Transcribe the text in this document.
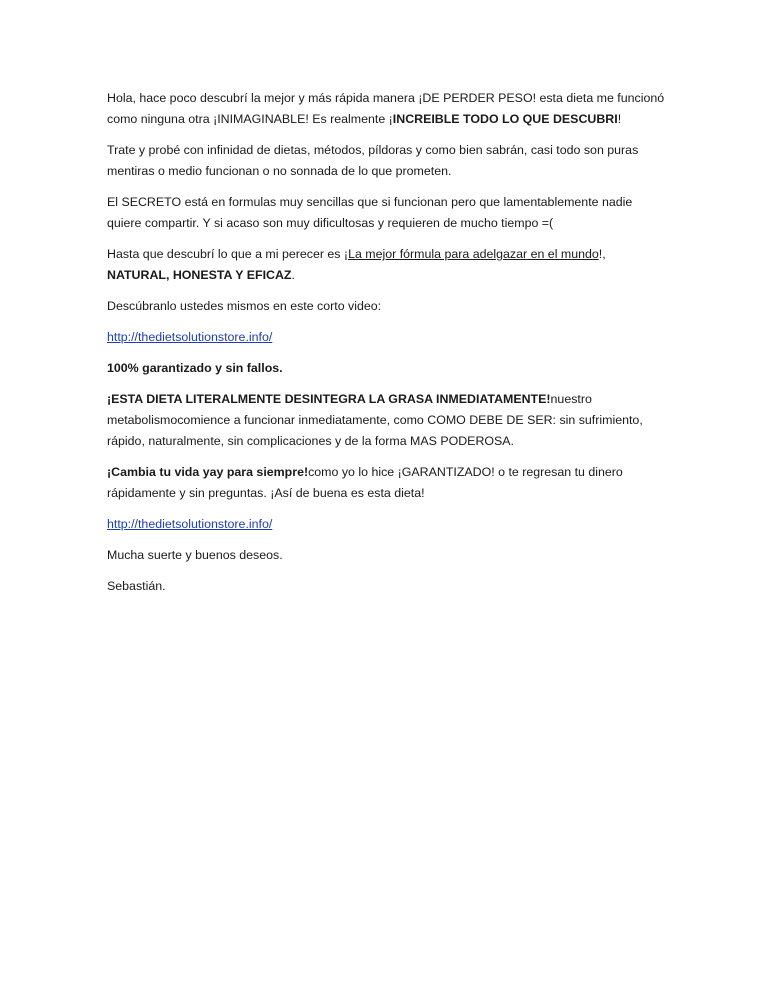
Hola, hace poco descubrí la mejor y más rápida manera ¡DE PERDER PESO! esta dieta me funcionó como ninguna otra ¡INIMAGINABLE! Es realmente ¡INCREIBLE TODO LO QUE DESCUBRI!

Trate y probé con infinidad de dietas, métodos, píldoras y como bien sabrán, casi todo son puras mentiras o medio funcionan o no sonnada de lo que prometen.

El SECRETO está en formulas muy sencillas que si funcionan pero que lamentablemente nadie quiere compartir. Y si acaso son muy dificultosas y requieren de mucho tiempo =(

Hasta que descubrí lo que a mi perecer es ¡La mejor fórmula para adelgazar en el mundo!, NATURAL, HONESTA Y EFICAZ.

Descúbranlo ustedes mismos en este corto video:

http://thedietsolutionstore.info/

100% garantizado y sin fallos.

¡ESTA DIETA LITERALMENTE DESINTEGRA LA GRASA INMEDIATAMENTE!nuestro metabolismocomience a funcionar inmediatamente, como COMO DEBE DE SER: sin sufrimiento, rápido, naturalmente, sin complicaciones y de la forma MAS PODEROSA.

¡Cambia tu vida yay para siempre!como yo lo hice ¡GARANTIZADO! o te regresan tu dinero rápidamente y sin preguntas. ¡Así de buena es esta dieta!

http://thedietsolutionstore.info/

Mucha suerte y buenos deseos.

Sebastián.
